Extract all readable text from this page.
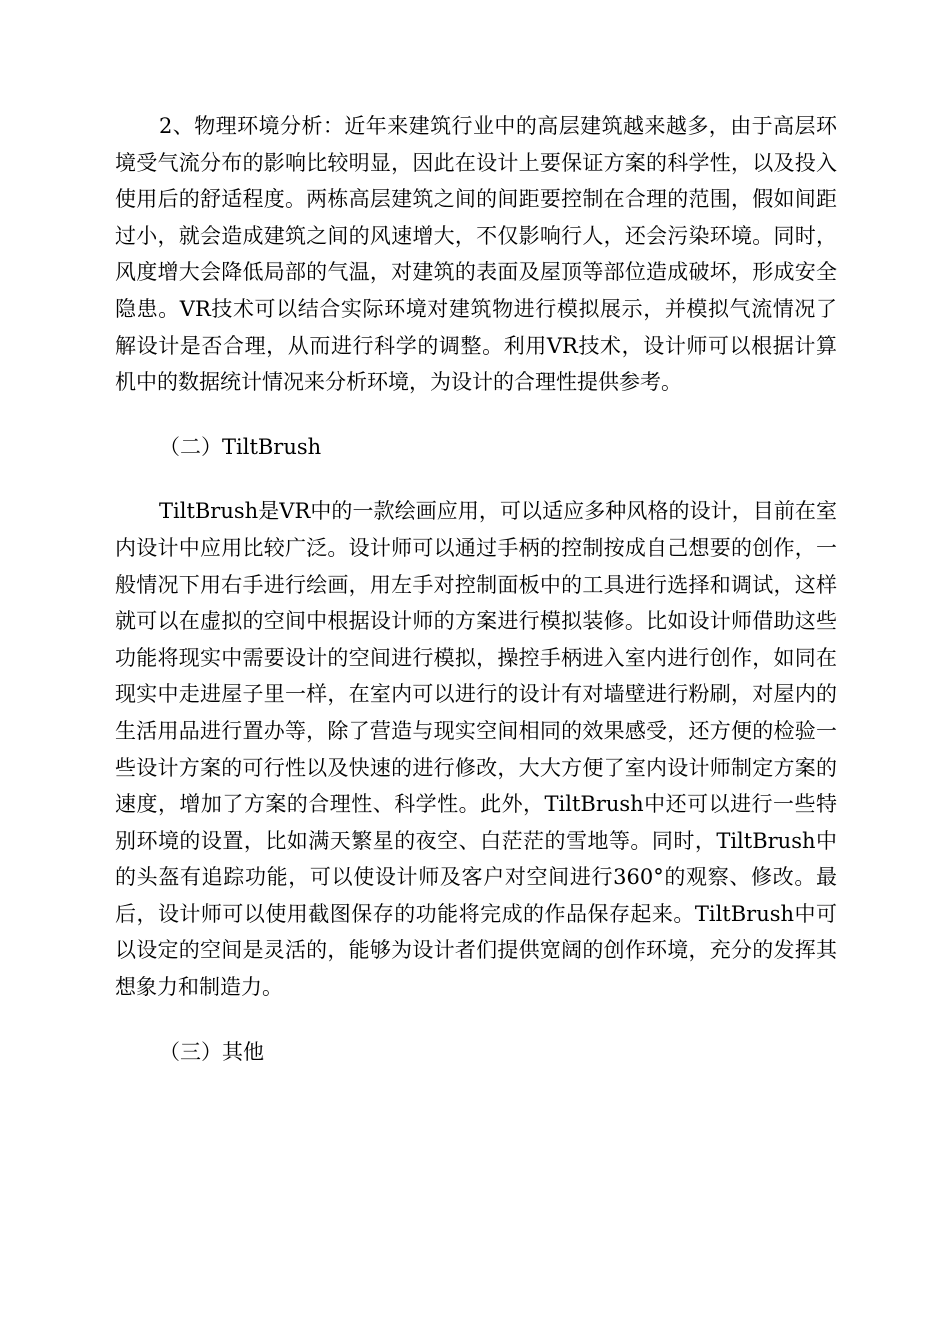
2、物理环境分析：近年来建筑行业中的高层建筑越来越多，由于高层环境受气流分布的影响比较明显，因此在设计上要保证方案的科学性，以及投入使用后的舒适程度。两栋高层建筑之间的间距要控制在合理的范围，假如间距过小，就会造成建筑之间的风速增大，不仅影响行人，还会污染环境。同时，风度增大会降低局部的气温，对建筑的表面及屋顶等部位造成破坏，形成安全隐患。VR技术可以结合实际环境对建筑物进行模拟展示，并模拟气流情况了解设计是否合理，从而进行科学的调整。利用VR技术，设计师可以根据计算机中的数据统计情况来分析环境，为设计的合理性提供参考。

（二）TiltBrush

TiltBrush是VR中的一款绘画应用，可以适应多种风格的设计，目前在室内设计中应用比较广泛。设计师可以通过手柄的控制按成自己想要的创作，一般情况下用右手进行绘画，用左手对控制面板中的工具进行选择和调试，这样就可以在虚拟的空间中根据设计师的方案进行模拟装修。比如设计师借助这些功能将现实中需要设计的空间进行模拟，操控手柄进入室内进行创作，如同在现实中走进屋子里一样，在室内可以进行的设计有对墙壁进行粉刷，对屋内的生活用品进行置办等，除了营造与现实空间相同的效果感受，还方便的检验一些设计方案的可行性以及快速的进行修改，大大方便了室内设计师制定方案的速度，增加了方案的合理性、科学性。此外，TiltBrush中还可以进行一些特别环境的设置，比如满天繁星的夜空、白茫茫的雪地等。同时，TiltBrush中的头盔有追踪功能，可以使设计师及客户对空间进行360°的观察、修改。最后，设计师可以使用截图保存的功能将完成的作品保存起来。TiltBrush中可以设定的空间是灵活的，能够为设计者们提供宽阔的创作环境，充分的发挥其想象力和制造力。

（三）其他
